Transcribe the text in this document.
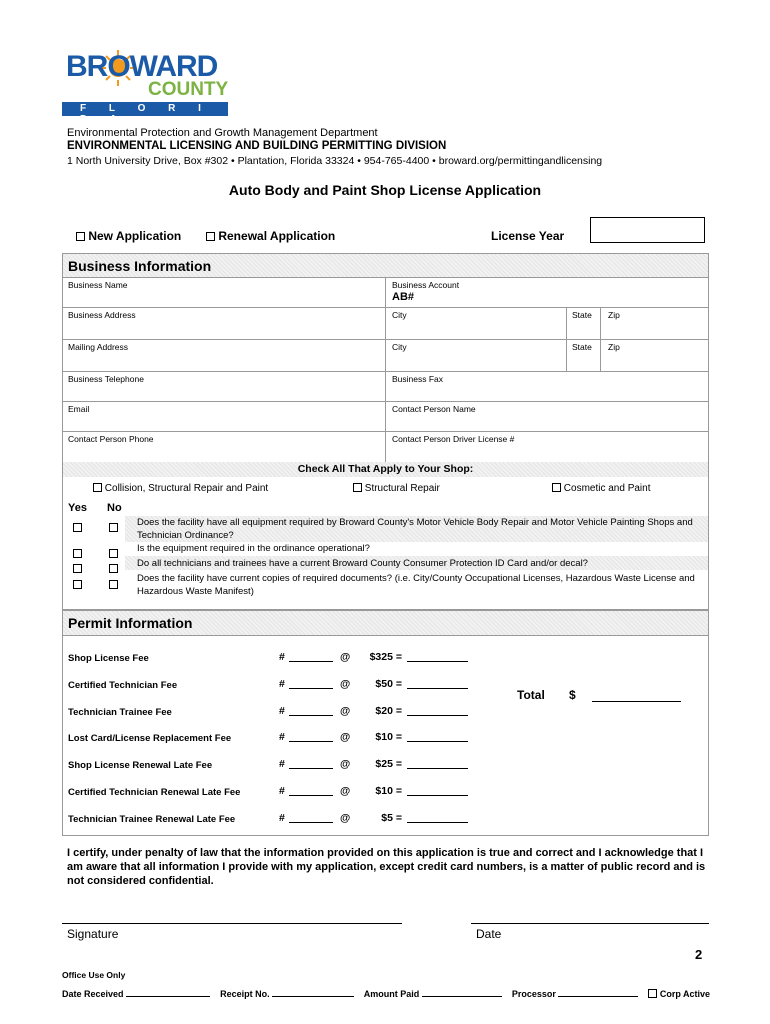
BROWARD
COUNTY
F L O R I D A
Environmental Protection and Growth Management Department
ENVIRONMENTAL LICENSING AND BUILDING PERMITTING DIVISION
1 North University Drive, Box #302 • Plantation, Florida 33324 • 954-765-4400 • broward.org/permittingandlicensing
Auto Body and Paint Shop License Application
New Application	Renewal Application	License Year
Business Information
Business Name	Business Account
AB#
Business Address	City	State Zip
Mailing Address	City	State Zip
Business Telephone	Business Fax
Email	Contact Person Name
Contact Person Phone	Contact Person Driver License #
Check All That Apply to Your Shop:
Collision, Structural Repair and Paint	Structural Repair	Cosmetic and Paint
Yes No
Does the facility have all equipment required by Broward County's Motor Vehicle Body Repair and Motor Vehicle Painting Shops and Technician Ordinance?
Is the equipment required in the ordinance operational?
Do all technicians and trainees have a current Broward County Consumer Protection ID Card and/or decal?
Does the facility have current copies of required documents? (i.e. City/County Occupational Licenses, Hazardous Waste License and Hazardous Waste Manifest)
Permit Information
Shop License Fee	#	@	$325 =
Certified Technician Fee	#	@	$50 =
Technician Trainee Fee	#	@	$20 =
Lost Card/License Replacement Fee	#	@	$10 =
Shop License Renewal Late Fee	#	@	$25 =
Certified Technician Renewal Late Fee	#	@	$10 =
Technician Trainee Renewal Late Fee	#	@	$5 =
Total $
I certify, under penalty of law that the information provided on this application is true and correct and I acknowledge that I am aware that all information I provide with my application, except credit card numbers, is a matter of public record and is not considered confidential.
Signature	Date
2
Office Use Only
Date Received	Receipt No.	Amount Paid	Processor	Corp Active
